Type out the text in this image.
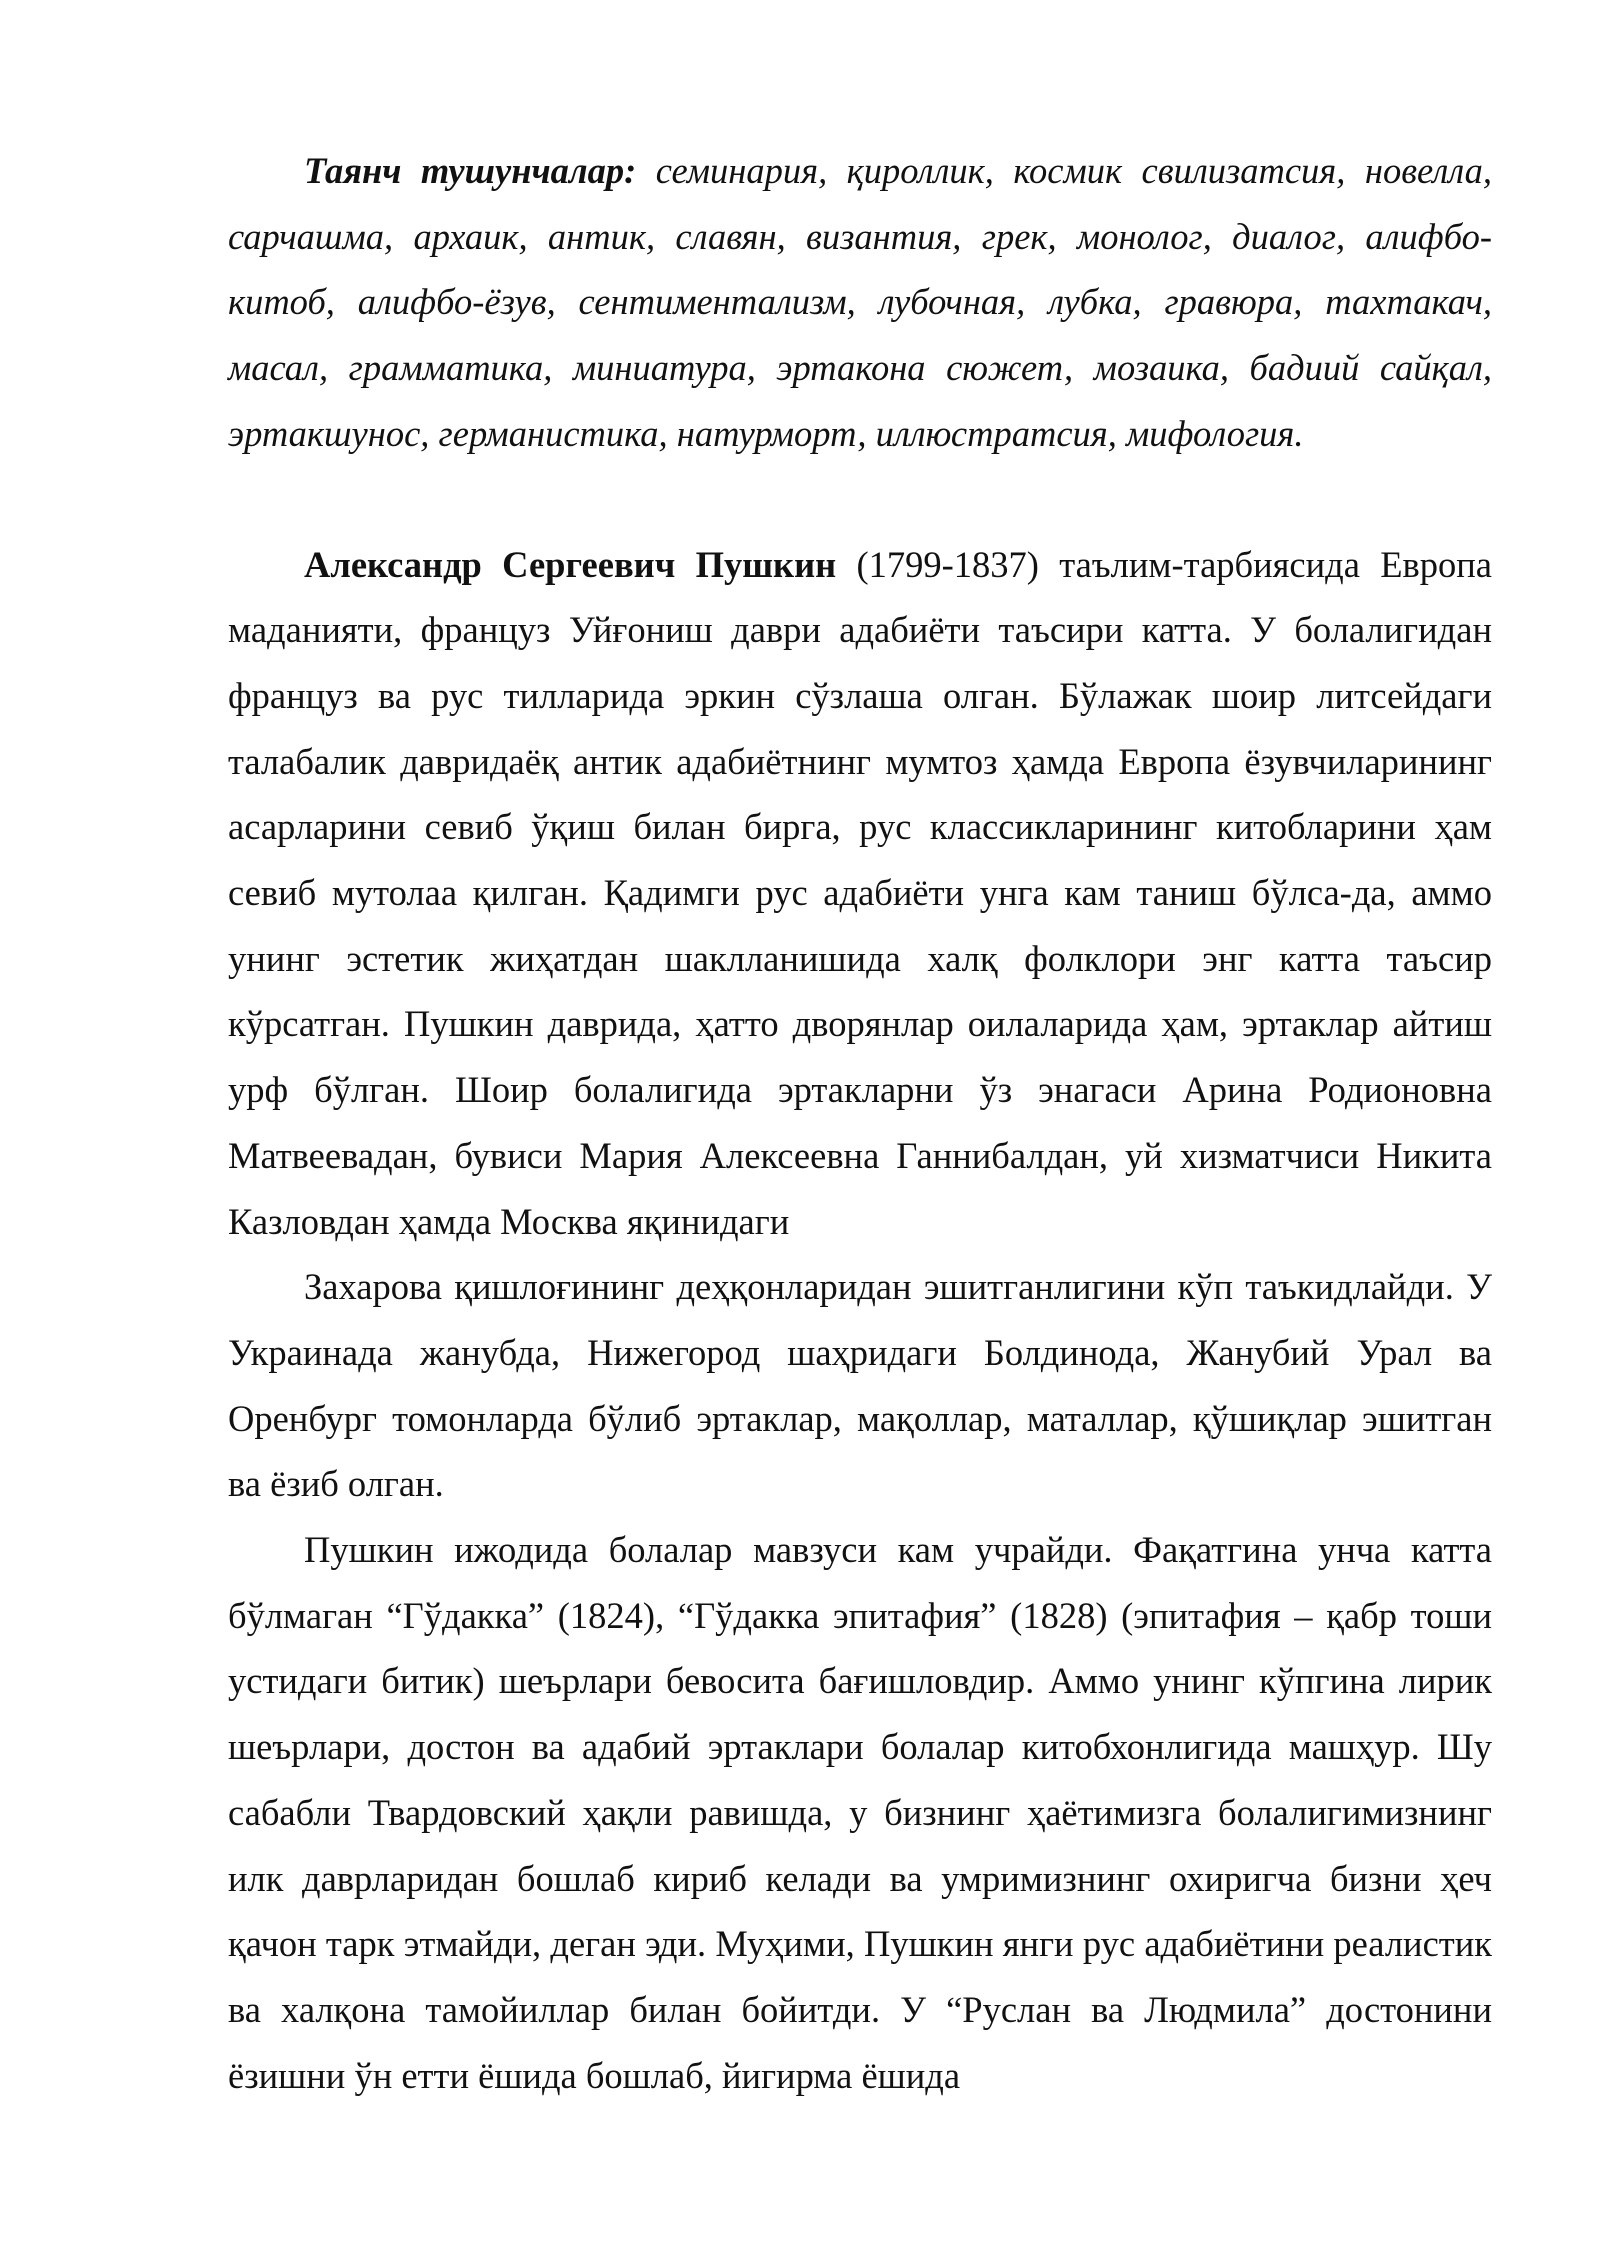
Таянч тушунчалар: семинария, қироллик, космик свилизатсия, новелла, сарчашма, архаик, антик, славян, византия, грек, монолог, диалог, алифбо-китоб, алифбо-ёзув, сентиментализм, лубочная, лубка, гравюра, тахтакач, масал, грамматика, миниатура, эртакона сюжет, мозаика, бадиий сайқал, эртакшунос, германистика, натурморт, иллюстратсия, мифология.

Александр Сергеевич Пушкин (1799-1837) таълим-тарбиясида Европа маданияти, француз Уйғониш даври адабиёти таъсири катта. У болалигидан француз ва рус тилларида эркин сўзлаша олган. Бўлажак шоир литсейдаги талабалик давридаёқ антик адабиётнинг мумтоз ҳамда Европа ёзувчиларининг асарларини севиб ўқиш билан бирга, рус классикларининг китобларини ҳам севиб мутолаа қилган. Қадимги рус адабиёти унга кам таниш бўлса-да, аммо унинг эстетик жиҳатдан шаклланишида халқ фолклори энг катта таъсир кўрсатган. Пушкин даврида, ҳатто дворянлар оилаларида ҳам, эртаклар айтиш урф бўлган. Шоир болалигида эртакларни ўз энагаси Арина Родионовна Матвеевадан, бувиси Мария Алексеевна Ганнибалдан, уй хизматчиси Никита Казловдан ҳамда Москва яқинидаги

Захарова қишлоғининг деҳқонларидан эшитганлигини кўп таъкидлайди. У Украинада жанубда, Нижегород шаҳридаги Болдинода, Жанубий Урал ва Оренбург томонларда бўлиб эртаклар, мақоллар, маталлар, қўшиқлар эшитган ва ёзиб олган.

Пушкин ижодида болалар мавзуси кам учрайди. Фақатгина унча катта бўлмаган “Гўдакка” (1824), “Гўдакка эпитафия” (1828) (эпитафия – қабр тоши устидаги битик) шеърлари бевосита бағишловдир. Аммо унинг кўпгина лирик шеърлари, достон ва адабий эртаклари болалар китобхонлигида машҳур. Шу сабабли Твардовский ҳақли равишда, у бизнинг ҳаётимизга болалигимизнинг илк даврларидан бошлаб кириб келади ва умримизнинг охиригча бизни ҳеч қачон тарк этмайди, деган эди. Муҳими, Пушкин янги рус адабиётини реалистик ва халқона тамойиллар билан бойитди. У “Руслан ва Людмила” достонини ёзишни ўн етти ёшида бошлаб, йигирма ёшида
